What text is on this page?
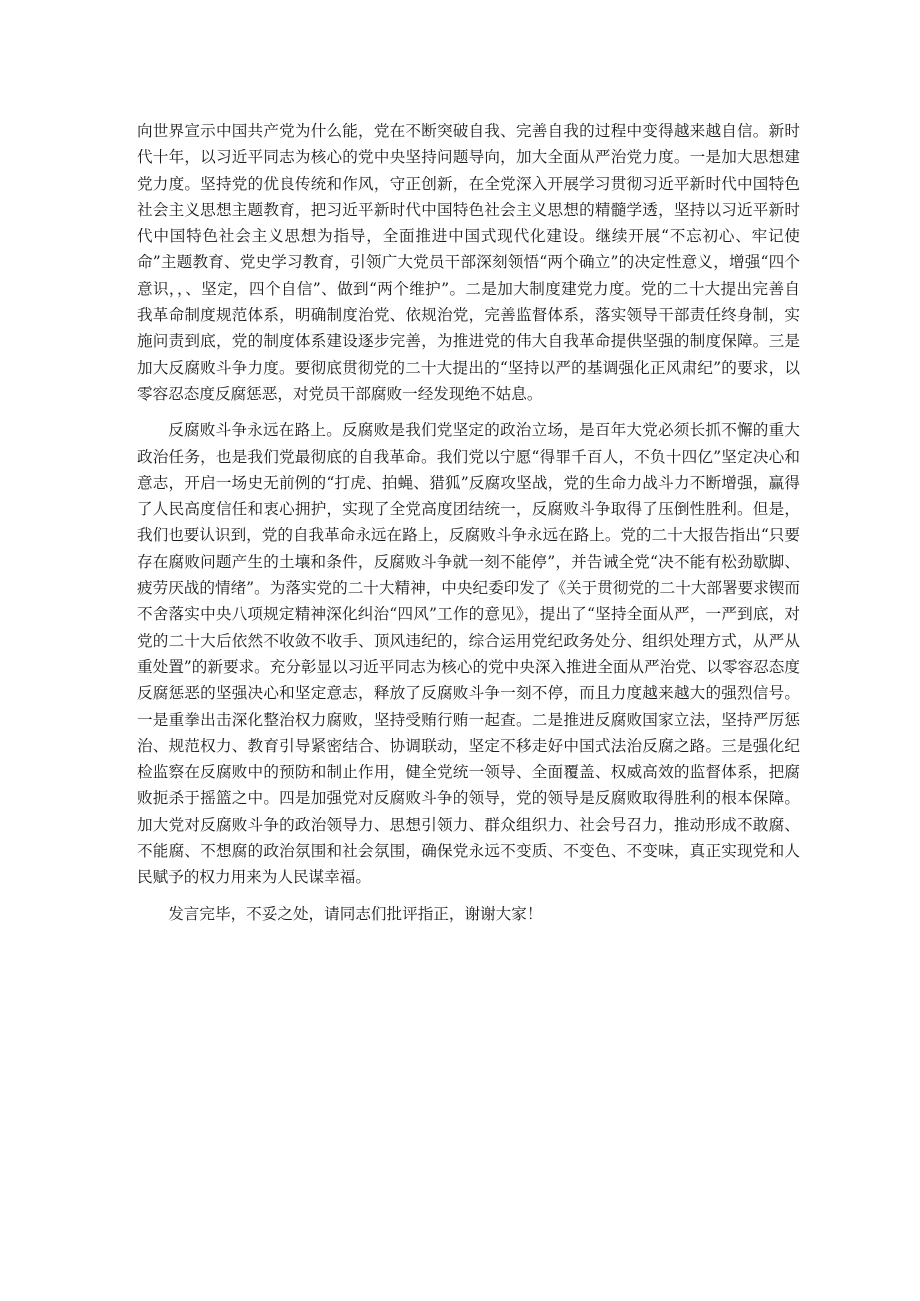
向世界宣示中国共产党为什么能，党在不断突破自我、完善自我的过程中变得越来越自信。新时代十年，以习近平同志为核心的党中央坚持问题导向，加大全面从严治党力度。一是加大思想建党力度。坚持党的优良传统和作风，守正创新，在全党深入开展学习贯彻习近平新时代中国特色社会主义思想主题教育，把习近平新时代中国特色社会主义思想的精髓学透，坚持以习近平新时代中国特色社会主义思想为指导，全面推进中国式现代化建设。继续开展“不忘初心、牢记使命”主题教育、党史学习教育，引领广大党员干部深刻领悟“两个确立”的决定性意义，增强“四个意识，，、坚定，四个自信”、做到“两个维护”。二是加大制度建党力度。党的二十大提出完善自我革命制度规范体系，明确制度治党、依规治党，完善监督体系，落实领导干部责任终身制，实施问责到底，党的制度体系建设逐步完善，为推进党的伟大自我革命提供坚强的制度保障。三是加大反腐败斗争力度。要彻底贯彻党的二十大提出的“坚持以严的基调强化正风肃纪”的要求，以零容忍态度反腐惩恶，对党员干部腐败一经发现绝不姑息。

反腐败斗争永远在路上。反腐败是我们党坚定的政治立场，是百年大党必须长抓不懈的重大政治任务，也是我们党最彻底的自我革命。我们党以宁愿“得罪千百人，不负十四亿”坚定决心和意志，开启一场史无前例的“打虎、拍蝇、猎狐”反腐攻坚战，党的生命力战斗力不断增强，赢得了人民高度信任和衷心拥护，实现了全党高度团结统一，反腐败斗争取得了压倒性胜利。但是，我们也要认识到，党的自我革命永远在路上，反腐败斗争永远在路上。党的二十大报告指出“只要存在腐败问题产生的土壤和条件，反腐败斗争就一刻不能停”，并告诫全党“决不能有松劲歇脚、疲劳厌战的情绪”。为落实党的二十大精神，中央纪委印发了《关于贯彻党的二十大部署要求锲而不舍落实中央八项规定精神深化纠治“四风”工作的意见》，提出了“坚持全面从严，一严到底，对党的二十大后依然不收敛不收手、顶风违纪的，综合运用党纪政务处分、组织处理方式，从严从重处置”的新要求。充分彰显以习近平同志为核心的党中央深入推进全面从严治党、以零容忍态度反腐惩恶的坚强决心和坚定意志，释放了反腐败斗争一刻不停，而且力度越来越大的强烈信号。一是重拳出击深化整治权力腐败，坚持受贿行贿一起查。二是推进反腐败国家立法，坚持严厉惩治、规范权力、教育引导紧密结合、协调联动，坚定不移走好中国式法治反腐之路。三是强化纪检监察在反腐败中的预防和制止作用，健全党统一领导、全面覆盖、权威高效的监督体系，把腐败扼杀于摇篮之中。四是加强党对反腐败斗争的领导，党的领导是反腐败取得胜利的根本保障。加大党对反腐败斗争的政治领导力、思想引领力、群众组织力、社会号召力，推动形成不敢腐、不能腐、不想腐的政治氛围和社会氛围，确保党永远不变质、不变色、不变味，真正实现党和人民赋予的权力用来为人民谋幸福。

发言完毕，不妥之处，请同志们批评指正，谢谢大家！
